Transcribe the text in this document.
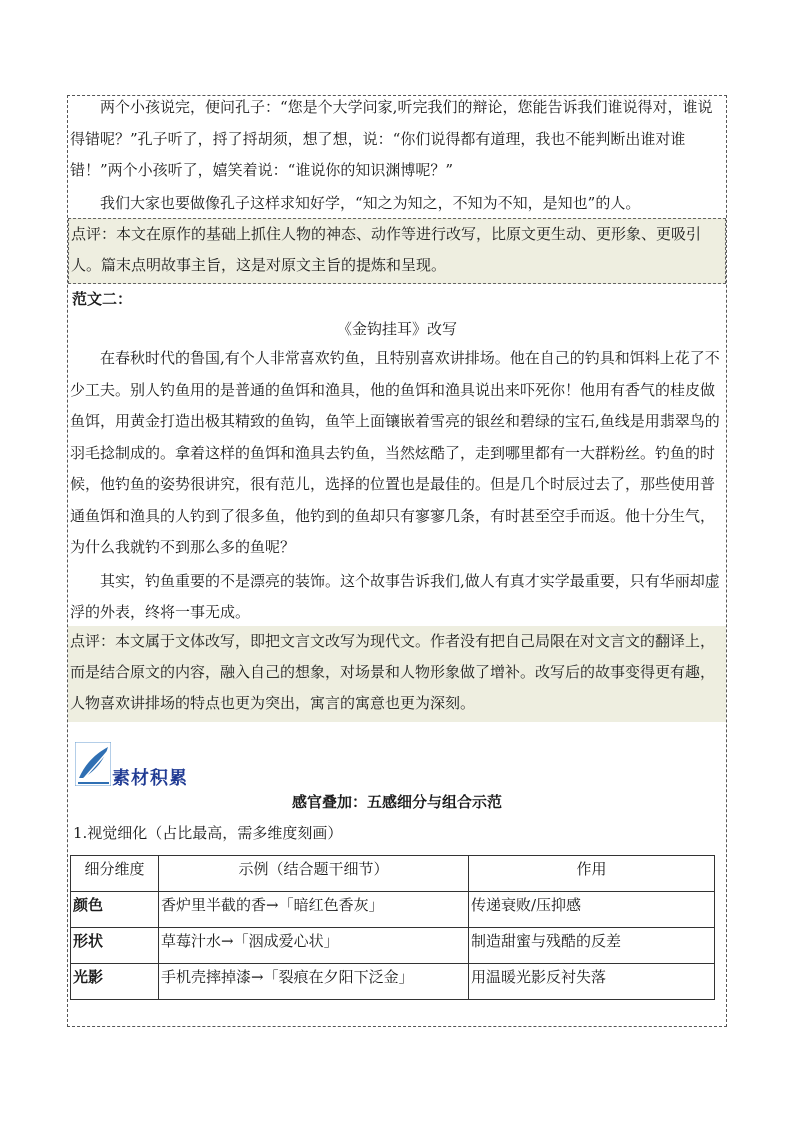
两个小孩说完，便问孔子：“您是个大学问家,听完我们的辩论，您能告诉我们谁说得对，谁说得错呢？”孔子听了，捋了捋胡须，想了想，说：“你们说得都有道理，我也不能判断出谁对谁错！”两个小孩听了，嬉笑着说：“谁说你的知识渊博呢？”

我们大家也要做像孔子这样求知好学，“知之为知之，不知为不知，是知也”的人。

点评：本文在原作的基础上抓住人物的神态、动作等进行改写，比原文更生动、更形象、更吸引人。篇末点明故事主旨，这是对原文主旨的提炼和呈现。

范文二：
《金钩挂耳》改写

在春秋时代的鲁国,有个人非常喜欢钓鱼，且特别喜欢讲排场。他在自己的钓具和饵料上花了不少工夫。别人钓鱼用的是普通的鱼饵和渔具，他的鱼饵和渔具说出来吓死你！他用有香气的桂皮做鱼饵，用黄金打造出极其精致的鱼钩，鱼竿上面镶嵌着雪亮的银丝和碧绿的宝石,鱼线是用翡翠鸟的羽毛捻制成的。拿着这样的鱼饵和渔具去钓鱼，当然炫酷了，走到哪里都有一大群粉丝。钓鱼的时候，他钓鱼的姿势很讲究，很有范儿，选择的位置也是最佳的。但是几个时辰过去了，那些使用普通鱼饵和渔具的人钓到了很多鱼，他钓到的鱼却只有寥寥几条，有时甚至空手而返。他十分生气，为什么我就钓不到那么多的鱼呢？

其实，钓鱼重要的不是漂亮的装饰。这个故事告诉我们,做人有真才实学最重要，只有华丽却虚浮的外表，终将一事无成。

点评：本文属于文体改写，即把文言文改写为现代文。作者没有把自己局限在对文言文的翻译上，而是结合原文的内容，融入自己的想象，对场景和人物形象做了增补。改写后的故事变得更有趣，人物喜欢讲排场的特点也更为突出，寓言的寓意也更为深刻。

素材积累
感官叠加：五感细分与组合示范
1.视觉细化（占比最高，需多维度刻画）
细分维度	示例（结合题干细节）	作用
颜色	香炉里半截的香→「暗红色香灰」	传递衰败/压抑感
形状	草莓汁水→「洇成爱心状」	制造甜蜜与残酷的反差
光影	手机壳摔掉漆→「裂痕在夕阳下泛金」	用温暖光影反衬失落
